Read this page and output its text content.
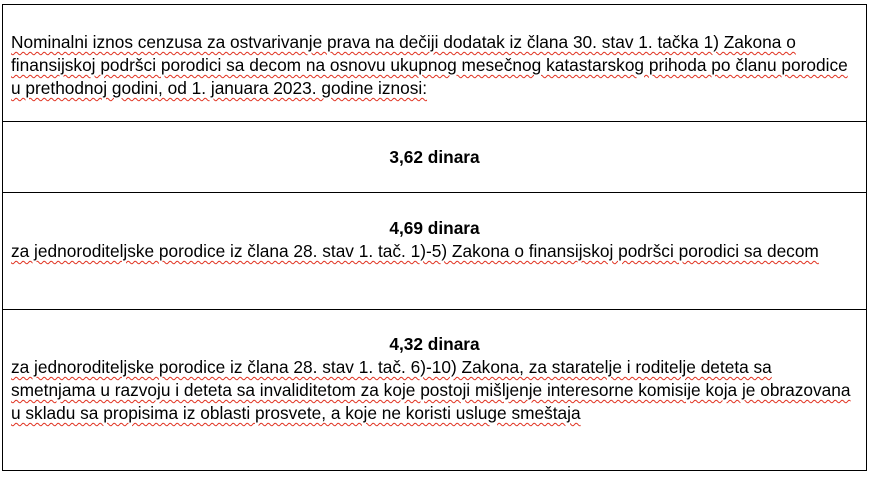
Nominalni iznos cenzusa za ostvarivanje prava na dečiji dodatak iz člana 30. stav 1. tačka 1) Zakona o finansijskoj podršci porodici sa decom na osnovu ukupnog mesečnog katastarskog prihoda po članu porodice u prethodnoj godini, od 1. januara 2023. godine iznosi:

3,62 dinara

4,69 dinara
za jednoroditeljske porodice iz člana 28. stav 1. tač. 1)-5) Zakona o finansijskoj podršci porodici sa decom

4,32 dinara
za jednoroditeljske porodice iz člana 28. stav 1. tač. 6)-10) Zakona, za staratelje i roditelje deteta sa smetnjama u razvoju i deteta sa invaliditetom za koje postoji mišljenje interesorne komisije koja je obrazovana u skladu sa propisima iz oblasti prosvete, a koje ne koristi usluge smeštaja
